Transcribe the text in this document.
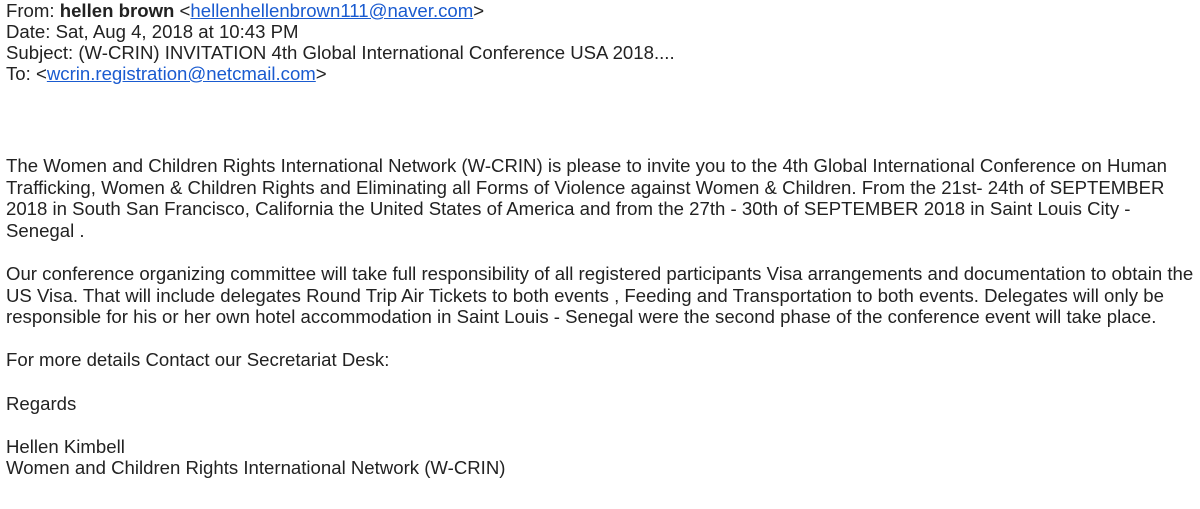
From: hellen brown <hellenhellenbrown111@naver.com>
Date: Sat, Aug 4, 2018 at 10:43 PM
Subject: (W-CRIN) INVITATION 4th Global International Conference USA 2018....
To: <wcrin.registration@netcmail.com>

The Women and Children Rights International Network (W-CRIN) is please to invite you to the 4th Global International Conference on Human Trafficking, Women & Children Rights and Eliminating all Forms of Violence against Women & Children. From the 21st- 24th of SEPTEMBER 2018 in South San Francisco, California the United States of America and from the 27th - 30th of SEPTEMBER 2018 in Saint Louis City - Senegal .

Our conference organizing committee will take full responsibility of all registered participants Visa arrangements and documentation to obtain the US Visa. That will include delegates Round Trip Air Tickets to both events , Feeding and Transportation to both events. Delegates will only be responsible for his or her own hotel accommodation in Saint Louis - Senegal were the second phase of the conference event will take place.

For more details Contact our Secretariat Desk:

Regards

Hellen Kimbell

Women and Children Rights International Network (W-CRIN)
